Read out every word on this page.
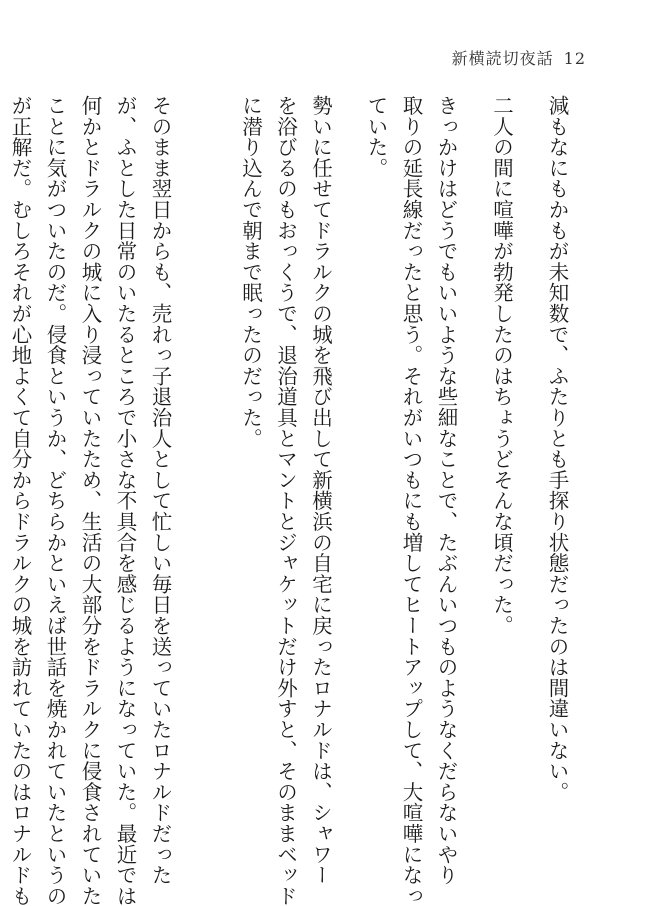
新横読切夜話 12
減もなにもかもが未知数で、ふたりとも手探り状態だったのは間違いない。
二人の間に喧嘩が勃発したのはちょうどそんな頃だった。
きっかけはどうでもいいような些細なことで、たぶんいつものようなくだらないやり
取りの延長線だったと思う。それがいつもにも増してヒートアップして、大喧嘩になっ
ていた。
勢いに任せてドラルクの城を飛び出して新横浜の自宅に戻ったロナルドは、シャワー
を浴びるのもおっくうで、退治道具とマントとジャケットだけ外すと、そのままベッド
に潜り込んで朝まで眠ったのだった。
そのまま翌日からも、売れっ子退治人として忙しい毎日を送っていたロナルドだった
が、ふとした日常のいたるところで小さな不具合を感じるようになっていた。最近では
何かとドラルクの城に入り浸っていたため、生活の大部分をドラルクに侵食されていた
ことに気がついたのだ。侵食というか、どちらかといえば世話を焼かれていたというの
が正解だ。むしろそれが心地よくて自分からドラルクの城を訪れていたのはロナルドも
